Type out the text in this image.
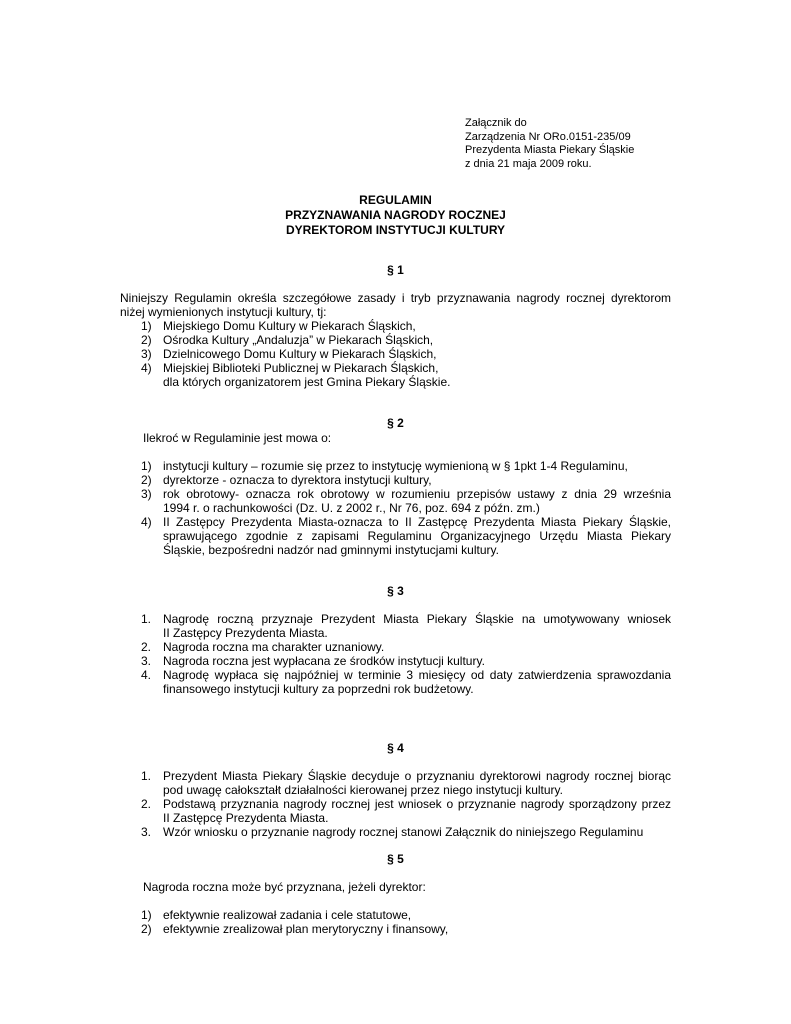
Załącznik do
Zarządzenia Nr ORo.0151-235/09
Prezydenta Miasta Piekary Śląskie
z dnia 21 maja 2009 roku.
REGULAMIN
PRZYZNAWANIA NAGRODY ROCZNEJ
DYREKTOROM INSTYTUCJI KULTURY
§ 1
Niniejszy Regulamin określa szczegółowe zasady i tryb przyznawania nagrody rocznej dyrektorom
niżej wymienionych instytucji kultury, tj:
1) Miejskiego Domu Kultury w Piekarach Śląskich,
2) Ośrodka Kultury „Andaluzja” w Piekarach Śląskich,
3) Dzielnicowego Domu Kultury w Piekarach Śląskich,
4) Miejskiej Biblioteki Publicznej w Piekarach Śląskich,
dla których organizatorem jest Gmina Piekary Śląskie.
§ 2
Ilekroć w Regulaminie jest mowa o:
1) instytucji kultury – rozumie się przez to instytucję wymienioną w § 1pkt 1-4 Regulaminu,
2) dyrektorze - oznacza to dyrektora instytucji kultury,
3) rok obrotowy- oznacza rok obrotowy w rozumieniu przepisów ustawy z dnia 29 września
1994 r. o rachunkowości (Dz. U. z 2002 r., Nr 76, poz. 694 z późn. zm.)
4) II Zastępcy Prezydenta Miasta-oznacza to II Zastępcę Prezydenta Miasta Piekary Śląskie,
sprawującego zgodnie z zapisami Regulaminu Organizacyjnego Urzędu Miasta Piekary
Śląskie, bezpośredni nadzór nad gminnymi instytucjami kultury.
§ 3
1. Nagrodę roczną przyznaje Prezydent Miasta Piekary Śląskie na umotywowany wniosek
II Zastępcy Prezydenta Miasta.
2. Nagroda roczna ma charakter uznaniowy.
3. Nagroda roczna jest wypłacana ze środków instytucji kultury.
4. Nagrodę wypłaca się najpóźniej w terminie 3 miesięcy od daty zatwierdzenia sprawozdania
finansowego instytucji kultury za poprzedni rok budżetowy.
§ 4
1. Prezydent Miasta Piekary Śląskie decyduje o przyznaniu dyrektorowi nagrody rocznej biorąc
pod uwagę całokształt działalności kierowanej przez niego instytucji kultury.
2. Podstawą przyznania nagrody rocznej jest wniosek o przyznanie nagrody sporządzony przez
II Zastępcę Prezydenta Miasta.
3. Wzór wniosku o przyznanie nagrody rocznej stanowi Załącznik do niniejszego Regulaminu
§ 5
Nagroda roczna może być przyznana, jeżeli dyrektor:
1) efektywnie realizował zadania i cele statutowe,
2) efektywnie zrealizował plan merytoryczny i finansowy,
